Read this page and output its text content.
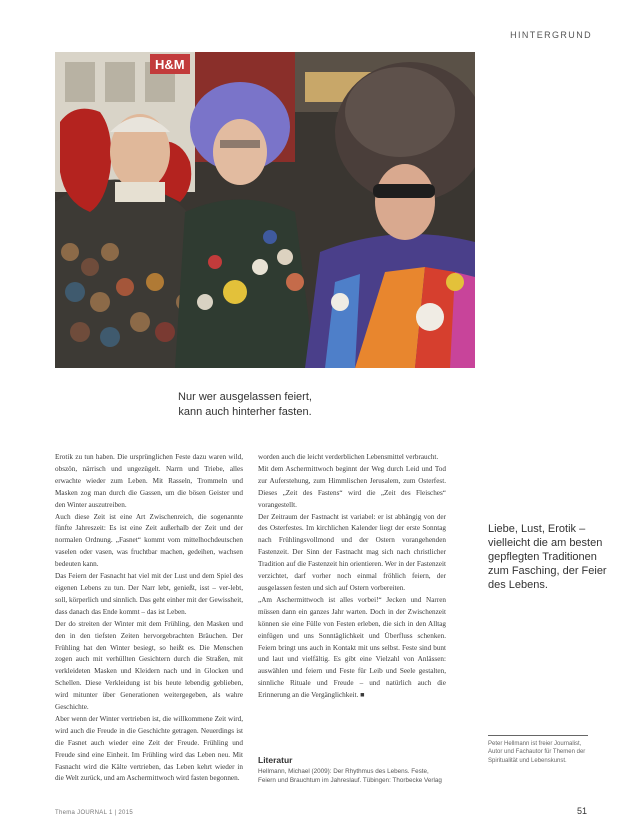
HINTERGRUND
H&M
Nur wer ausgelassen feiert, kann auch hinterher fasten.

Erotik zu tun haben. Die ursprünglichen Feste dazu waren wild, obszön, närrisch und ungezügelt. Narrn und Triebe, alles erwachte wieder zum Leben. Mit Rasseln, Trommeln und Masken zog man durch die Gassen, um die bösen Geister und den Winter auszutreiben.

Auch diese Zeit ist eine Art Zwischenreich, die sogenannte fünfte Jahreszeit: Es ist eine Zeit außerhalb der Zeit und der normalen Ordnung. „Fasnet“ kommt vom mittelhochdeutschen vaselen oder vasen, was fruchtbar machen, gedeihen, wachsen bedeuten kann.

Das Feiern der Fasnacht hat viel mit der Lust und dem Spiel des eigenen Lebens zu tun. Der Narr lebt, genießt, isst – ver-lebt, soll, körperlich und sinnlich. Das geht einher mit der Gewissheit, dass danach das Ende kommt – das ist Leben.

Der do streiten der Winter mit dem Frühling, den Masken und den in den tiefsten Zeiten hervorgebrachten Bräuchen. Der Frühling hat den Winter besiegt, so heißt es. Die Menschen zogen auch mit verhüllten Gesichtern durch die Straßen, mit verkleideten Masken und Kleidern nach und in Glocken und Schellen. Diese Verkleidung ist bis heute lebendig geblieben, wird mitunter über Generationen weitergegeben, als wahre Geschichte.

Aber wenn der Winter vertrieben ist, die willkommene Zeit wird, wird auch die Freude in die Geschichte getragen. Neuerdings ist die Fasnet auch wieder eine Zeit der Freude. Frühling und Freude sind eine Einheit. Im Frühling wird das Leben neu. Mit Fasnacht wird die Kälte vertrieben, das Leben kehrt wieder in die Welt zurück, und am Aschermittwoch wird fasten begonnen.

worden auch die leicht verderblichen Lebensmittel verbraucht.

Mit dem Aschermittwoch beginnt der Weg durch Leid und Tod zur Auferstehung, zum Himmlischen Jerusalem, zum Osterfest. Dieses „Zeit des Fastens“ wird die „Zeit des Fleisches“ vorangestellt.

Der Zeitraum der Fastnacht ist variabel: er ist abhängig von der des Osterfestes. Im kirchlichen Kalender liegt der erste Sonntag nach Frühlingsvollmond und der Ostern vorangehenden Fastenzeit. Der Sinn der Fastnacht mag sich nach christlicher Tradition auf die Fastenzeit hin orientieren. Wer in der Fastenzeit verzichtet, darf vorher noch einmal fröhlich feiern, der ausgelassen festen und sich auf Ostern vorbereiten.

„Am Aschermittwoch ist alles vorbei!“ Jecken und Narren müssen dann ein ganzes Jahr warten. Doch in der Zwischenzeit können sie eine Fülle von Festen erleben, die sich in den Alltag einfügen und uns Sonntäglichkeit und Überfluss schenken. Feiern bringt uns auch in Kontakt mit uns selbst. Feste sind bunt und laut und vielfältig. Es gibt eine Vielzahl von Anlässen: auswählen und feiern und Feste für Leib und Seele gestalten, sinnliche Rituale und Freude – und natürlich auch die Erinnerung an die Vergänglichkeit. ■

Liebe, Lust, Erotik – vielleicht die am besten gepflegten Traditionen zum Fasching, der Feier des Lebens.
Literatur
Hellmann, Michael (2009): Der Rhythmus des Lebens. Feste, Feiern und Brauchtum im Jahreslauf. Tübingen: Thorbecke Verlag
Peter Hellmann ist freier Journalist, Autor und Fachautor für Themen der Spiritualität und Lebenskunst.
Thema JOURNAL 1 | 2015	51
